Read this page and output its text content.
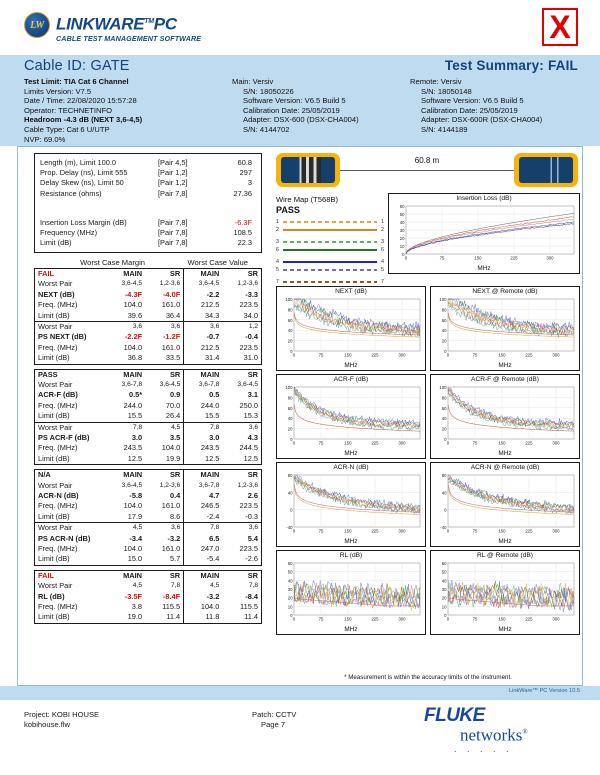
LW LINKWARE™PC
CABLE TEST MANAGEMENT SOFTWARE	X
Cable ID: GATE	Test Summary: FAIL
Test Limit: TIA Cat 6 Channel
Limits Version: V7.5
Date / Time: 22/08/2020 15:57:28
Operator: TECHNETINFO
Headroom -4.3 dB (NEXT 3,6-4,5)
Cable Type: Cat 6 U/UTP
NVP: 69.0%
Main: Versiv
S/N: 18050226
Software Version: V6.5 Build 5
Calibration Date: 25/05/2019
Adapter: DSX-600 (DSX-CHA004)
S/N: 4144702
Remote: Versiv
S/N: 18050148
Software Version: V6.5 Build 5
Calibration Date: 25/05/2019
Adapter: DSX-600R (DSX-CHA004)
S/N: 4144189
Length (m), Limit 100.0	[Pair 4,5]	60.8
Prop. Delay (ns), Limit 555	[Pair 1,2]	297
Delay Skew (ns), Limit 50	[Pair 1,2]	3
Resistance (ohms)	[Pair 7,8]	27.36
Insertion Loss Margin (dB)	[Pair 7,8]	-6.3F
Frequency (MHz)	[Pair 7,8]	108.5
Limit (dB)	[Pair 7,8]	22.3
Worst Case Margin	Worst Case Value
FAIL	MAIN	SR	MAIN	SR
Worst Pair	3,6-4,5	1,2-3,6	3,6-4,5	1,2-3,6
NEXT (dB)	-4.3F	-4.0F	-2.2	-3.3
Freq. (MHz)	104.0	161.0	212.5	223.5
Limit (dB)	39.6	36.4	34.3	34.0
Worst Pair	3,6	3,6	3,6	1,2
PS NEXT (dB)	-2.2F	-1.2F	-0.7	-0.4
Freq. (MHz)	104.0	161.0	212.5	223.5
Limit (dB)	36.8	33.5	31.4	31.0
PASS	MAIN	SR	MAIN	SR
Worst Pair	3,6-7,8	3,6-4,5	3,6-7,8	3,6-4,5
ACR-F (dB)	0.5*	0.9	0.5	3.1
Freq. (MHz)	244.0	70.0	244.0	250.0
Limit (dB)	15.5	26.4	15.5	15.3
Worst Pair	7,8	4,5	7,8	3,6
PS ACR-F (dB)	3.0	3.5	3.0	4.3
Freq. (MHz)	243.5	104.0	243.5	244.5
Limit (dB)	12.5	19.9	12.5	12.5
N/A	MAIN	SR	MAIN	SR
Worst Pair	3,6-4,5	1,2-3,6	3,6-7,8	1,2-3,6
ACR-N (dB)	-5.8	0.4	4.7	2.6
Freq. (MHz)	104.0	161.0	246.5	223.5
Limit (dB)	17.9	8.6	-2.4	-0.3
Worst Pair	4,5	3,6	7,8	3,6
PS ACR-N (dB)	-3.4	-3.2	6.5	5.4
Freq. (MHz)	104.0	161.0	247.0	223.5
Limit (dB)	15.0	5.7	-5.4	-2.6
FAIL	MAIN	SR	MAIN	SR
Worst Pair	4,5	7,8	4,5	7,8
RL (dB)	-3.5F	-8.4F	-3.2	-8.4
Freq. (MHz)	3.8	115.5	104.0	115.5
Limit (dB)	19.0	11.4	11.8	11.4
60.8 m
Wire Map (T568B)
PASS
1	1
2	2
3	3
6	6
4	4
5	5
7	7
Insertion Loss (dB)
0
10
20
30
40
50
60
0	75	150	225	300
MHz
NEXT (dB)
0
20
40
60
80
100
0	75	150	225	300
MHz
NEXT @ Remote (dB)
0
20
40
60
80
100
0	75	150	225	300
MHz
ACR-F (dB)
0
20
40
60
80
100
0	75	150	225	300
MHz
ACR-F @ Remote (dB)
0
20
40
60
80
100
0	75	150	225	300
MHz
ACR-N (dB)
-40
0
40
80
0	75	150	225	300
MHz
ACR-N @ Remote (dB)
-40
0
40
80
0	75	150	225	300
MHz
RL (dB)
0
10
20
30
40
50
60
0	75	150	225	300
MHz
RL @ Remote (dB)
0
10
20
30
40
50
60
0	75	150	225	300
MHz
* Measurement is within the accuracy limits of the instrument.
LinkWare™ PC Version 10.5
Project: KOBI HOUSE
kobihouse.flw
Patch: CCTV
Page 7	FLUKE
networks®
. . . . .
